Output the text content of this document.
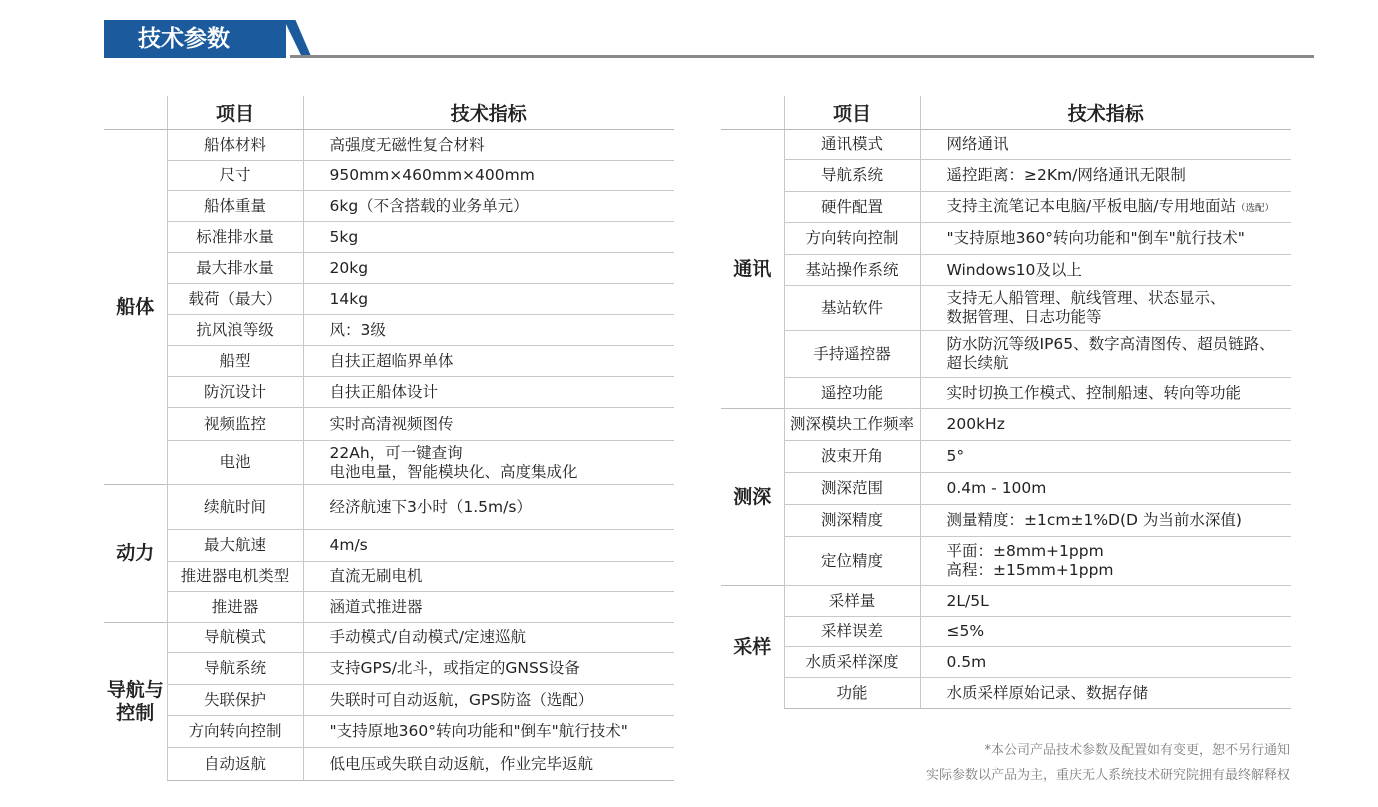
技术参数
	项目	技术指标
船体	船体材料	高强度无磁性复合材料

	尺寸	950mm×460mm×400mm

	船体重量	6kg（不含搭载的业务单元）

	标准排水量	5kg

	最大排水量	20kg

	载荷（最大）	14kg

	抗风浪等级	风：3级

	船型	自扶正超临界单体

	防沉设计	自扶正船体设计

	视频监控	实时高清视频图传

	电池	22Ah，可一键查询
电池电量，智能模块化、高度集成化

动力	续航时间	经济航速下3小时（1.5m/s）

	最大航速	4m/s

	推进器电机类型	直流无刷电机

	推进器	涵道式推进器

导航与
控制	导航模式	手动模式/自动模式/定速巡航

	导航系统	支持GPS/北斗，或指定的GNSS设备

	失联保护	失联时可自动返航，GPS防盗（选配）

	方向转向控制	"支持原地360°转向功能和"倒车"航行技术"

	自动返航	低电压或失联自动返航，作业完毕返航
	项目	技术指标
通讯	通讯模式	网络通讯

	导航系统	遥控距离：≥2Km/网络通讯无限制

	硬件配置	支持主流笔记本电脑/平板电脑/专用地面站（选配）

	方向转向控制	"支持原地360°转向功能和"倒车"航行技术"

	基站操作系统	Windows10及以上

	基站软件	支持无人船管理、航线管理、状态显示、
数据管理、日志功能等

	手持遥控器	防水防沉等级IP65、数字高清图传、超员链路、
超长续航

	遥控功能	实时切换工作模式、控制船速、转向等功能

测深	测深模块工作频率	200kHz

	波束开角	5°

	测深范围	0.4m - 100m

	测深精度	测量精度：±1cm±1%D(D 为当前水深值)

	定位精度	平面：±8mm+1ppm
高程：±15mm+1ppm

采样	采样量	2L/5L

	采样误差	≤5%

	水质采样深度	0.5m

	功能	水质采样原始记录、数据存储
*本公司产品技术参数及配置如有变更，恕不另行通知
实际参数以产品为主，重庆无人系统技术研究院拥有最终解释权
